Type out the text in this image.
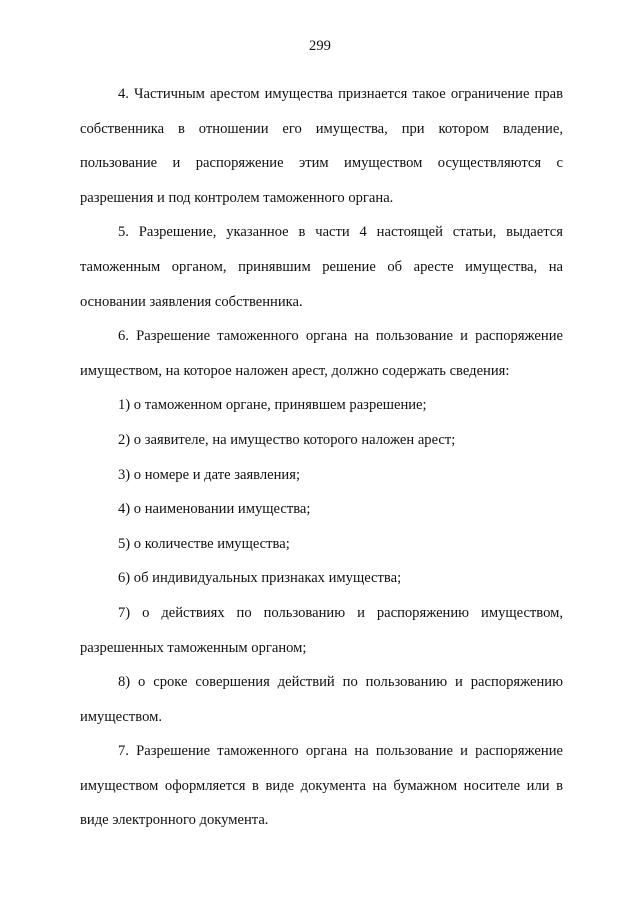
299

4. Частичным арестом имущества признается такое ограничение прав собственника в отношении его имущества, при котором владение, пользование и распоряжение этим имуществом осуществляются с разрешения и под контролем таможенного органа.

5. Разрешение, указанное в части 4 настоящей статьи, выдается таможенным органом, принявшим решение об аресте имущества, на основании заявления собственника.

6. Разрешение таможенного органа на пользование и распоряжение имуществом, на которое наложен арест, должно содержать сведения:

1) о таможенном органе, принявшем разрешение;

2) о заявителе, на имущество которого наложен арест;

3) о номере и дате заявления;

4) о наименовании имущества;

5) о количестве имущества;

6) об индивидуальных признаках имущества;

7) о действиях по пользованию и распоряжению имуществом, разрешенных таможенным органом;

8) о сроке совершения действий по пользованию и распоряжению имуществом.

7. Разрешение таможенного органа на пользование и распоряжение имуществом оформляется в виде документа на бумажном носителе или в виде электронного документа.
